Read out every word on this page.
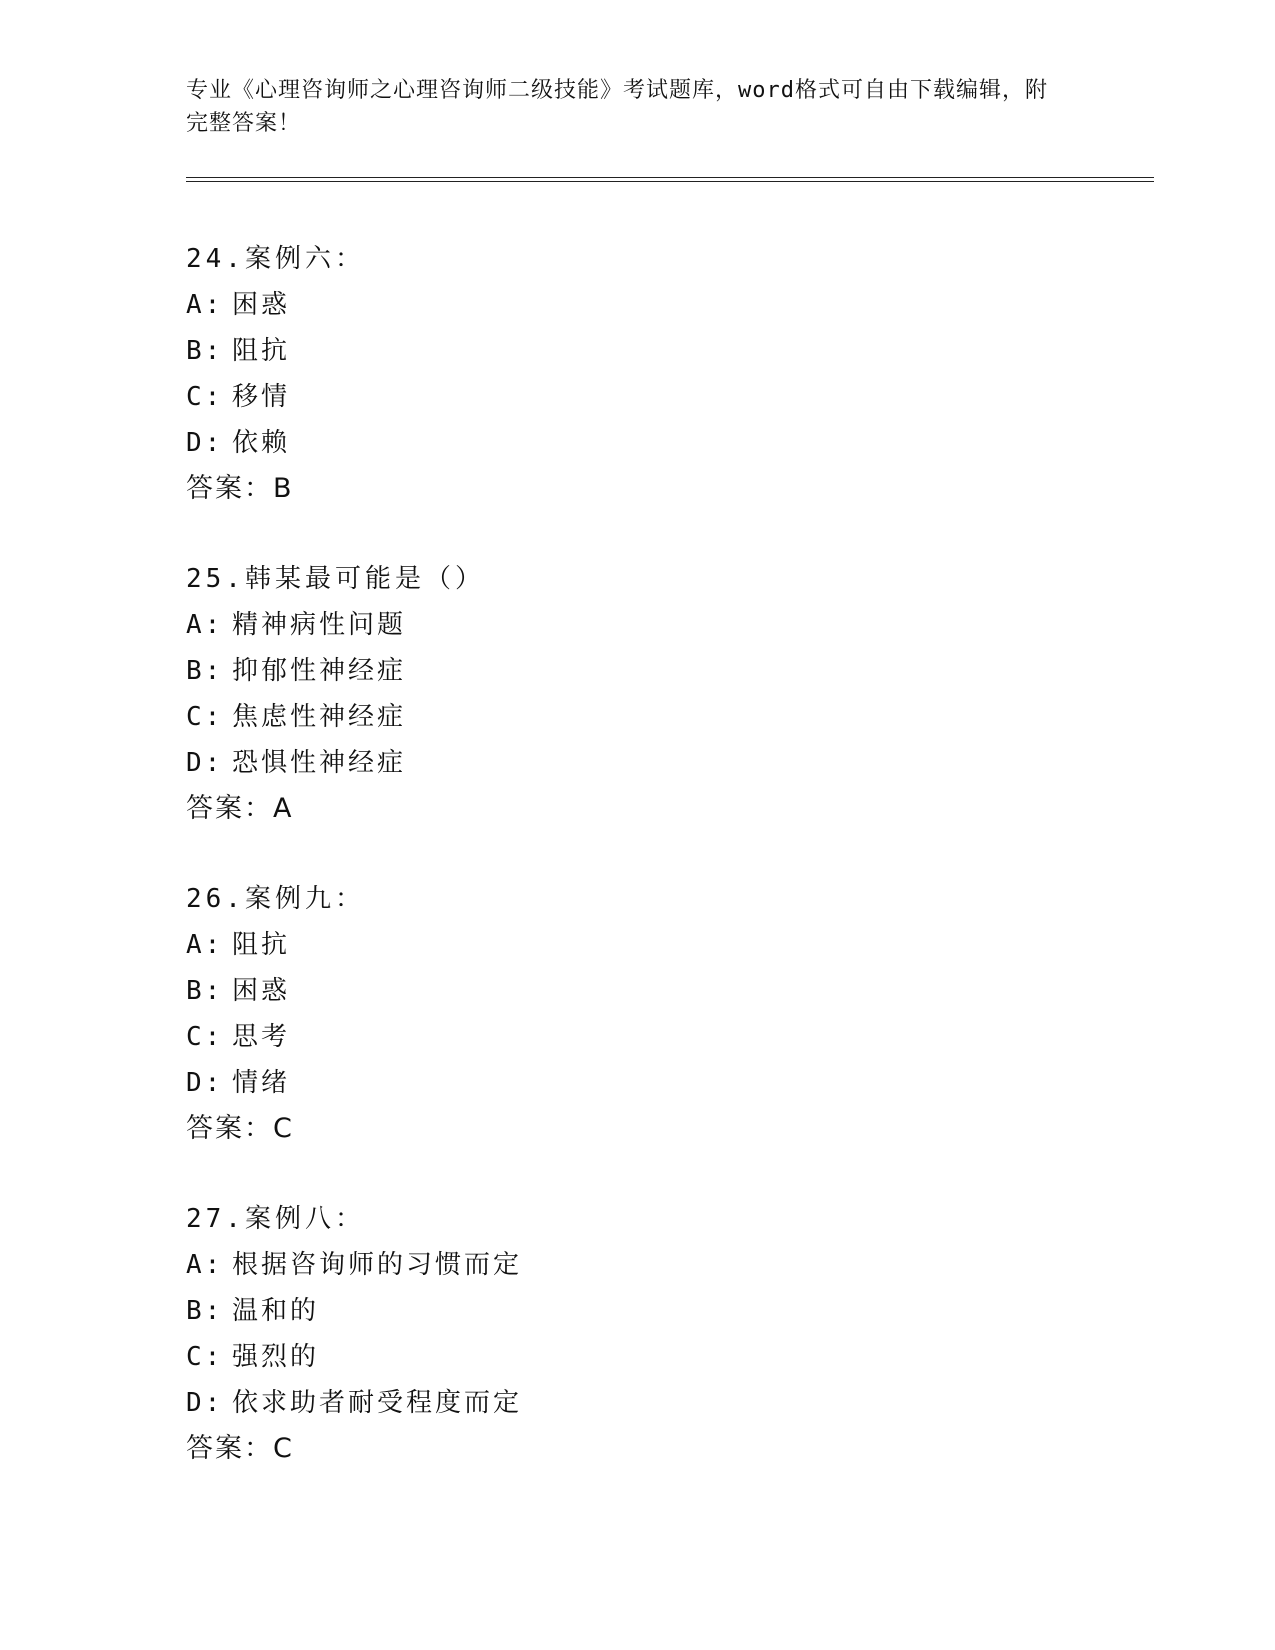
专业《心理咨询师之心理咨询师二级技能》考试题库，word格式可自由下载编辑，附完整答案！
24.案例六：
A: 困惑
B: 阻抗
C: 移情
D: 依赖
答案：B
25.韩某最可能是（）
A: 精神病性问题
B: 抑郁性神经症
C: 焦虑性神经症
D: 恐惧性神经症
答案：A
26.案例九：
A: 阻抗
B: 困惑
C: 思考
D: 情绪
答案：C
27.案例八：
A: 根据咨询师的习惯而定
B: 温和的
C: 强烈的
D: 依求助者耐受程度而定
答案：C
